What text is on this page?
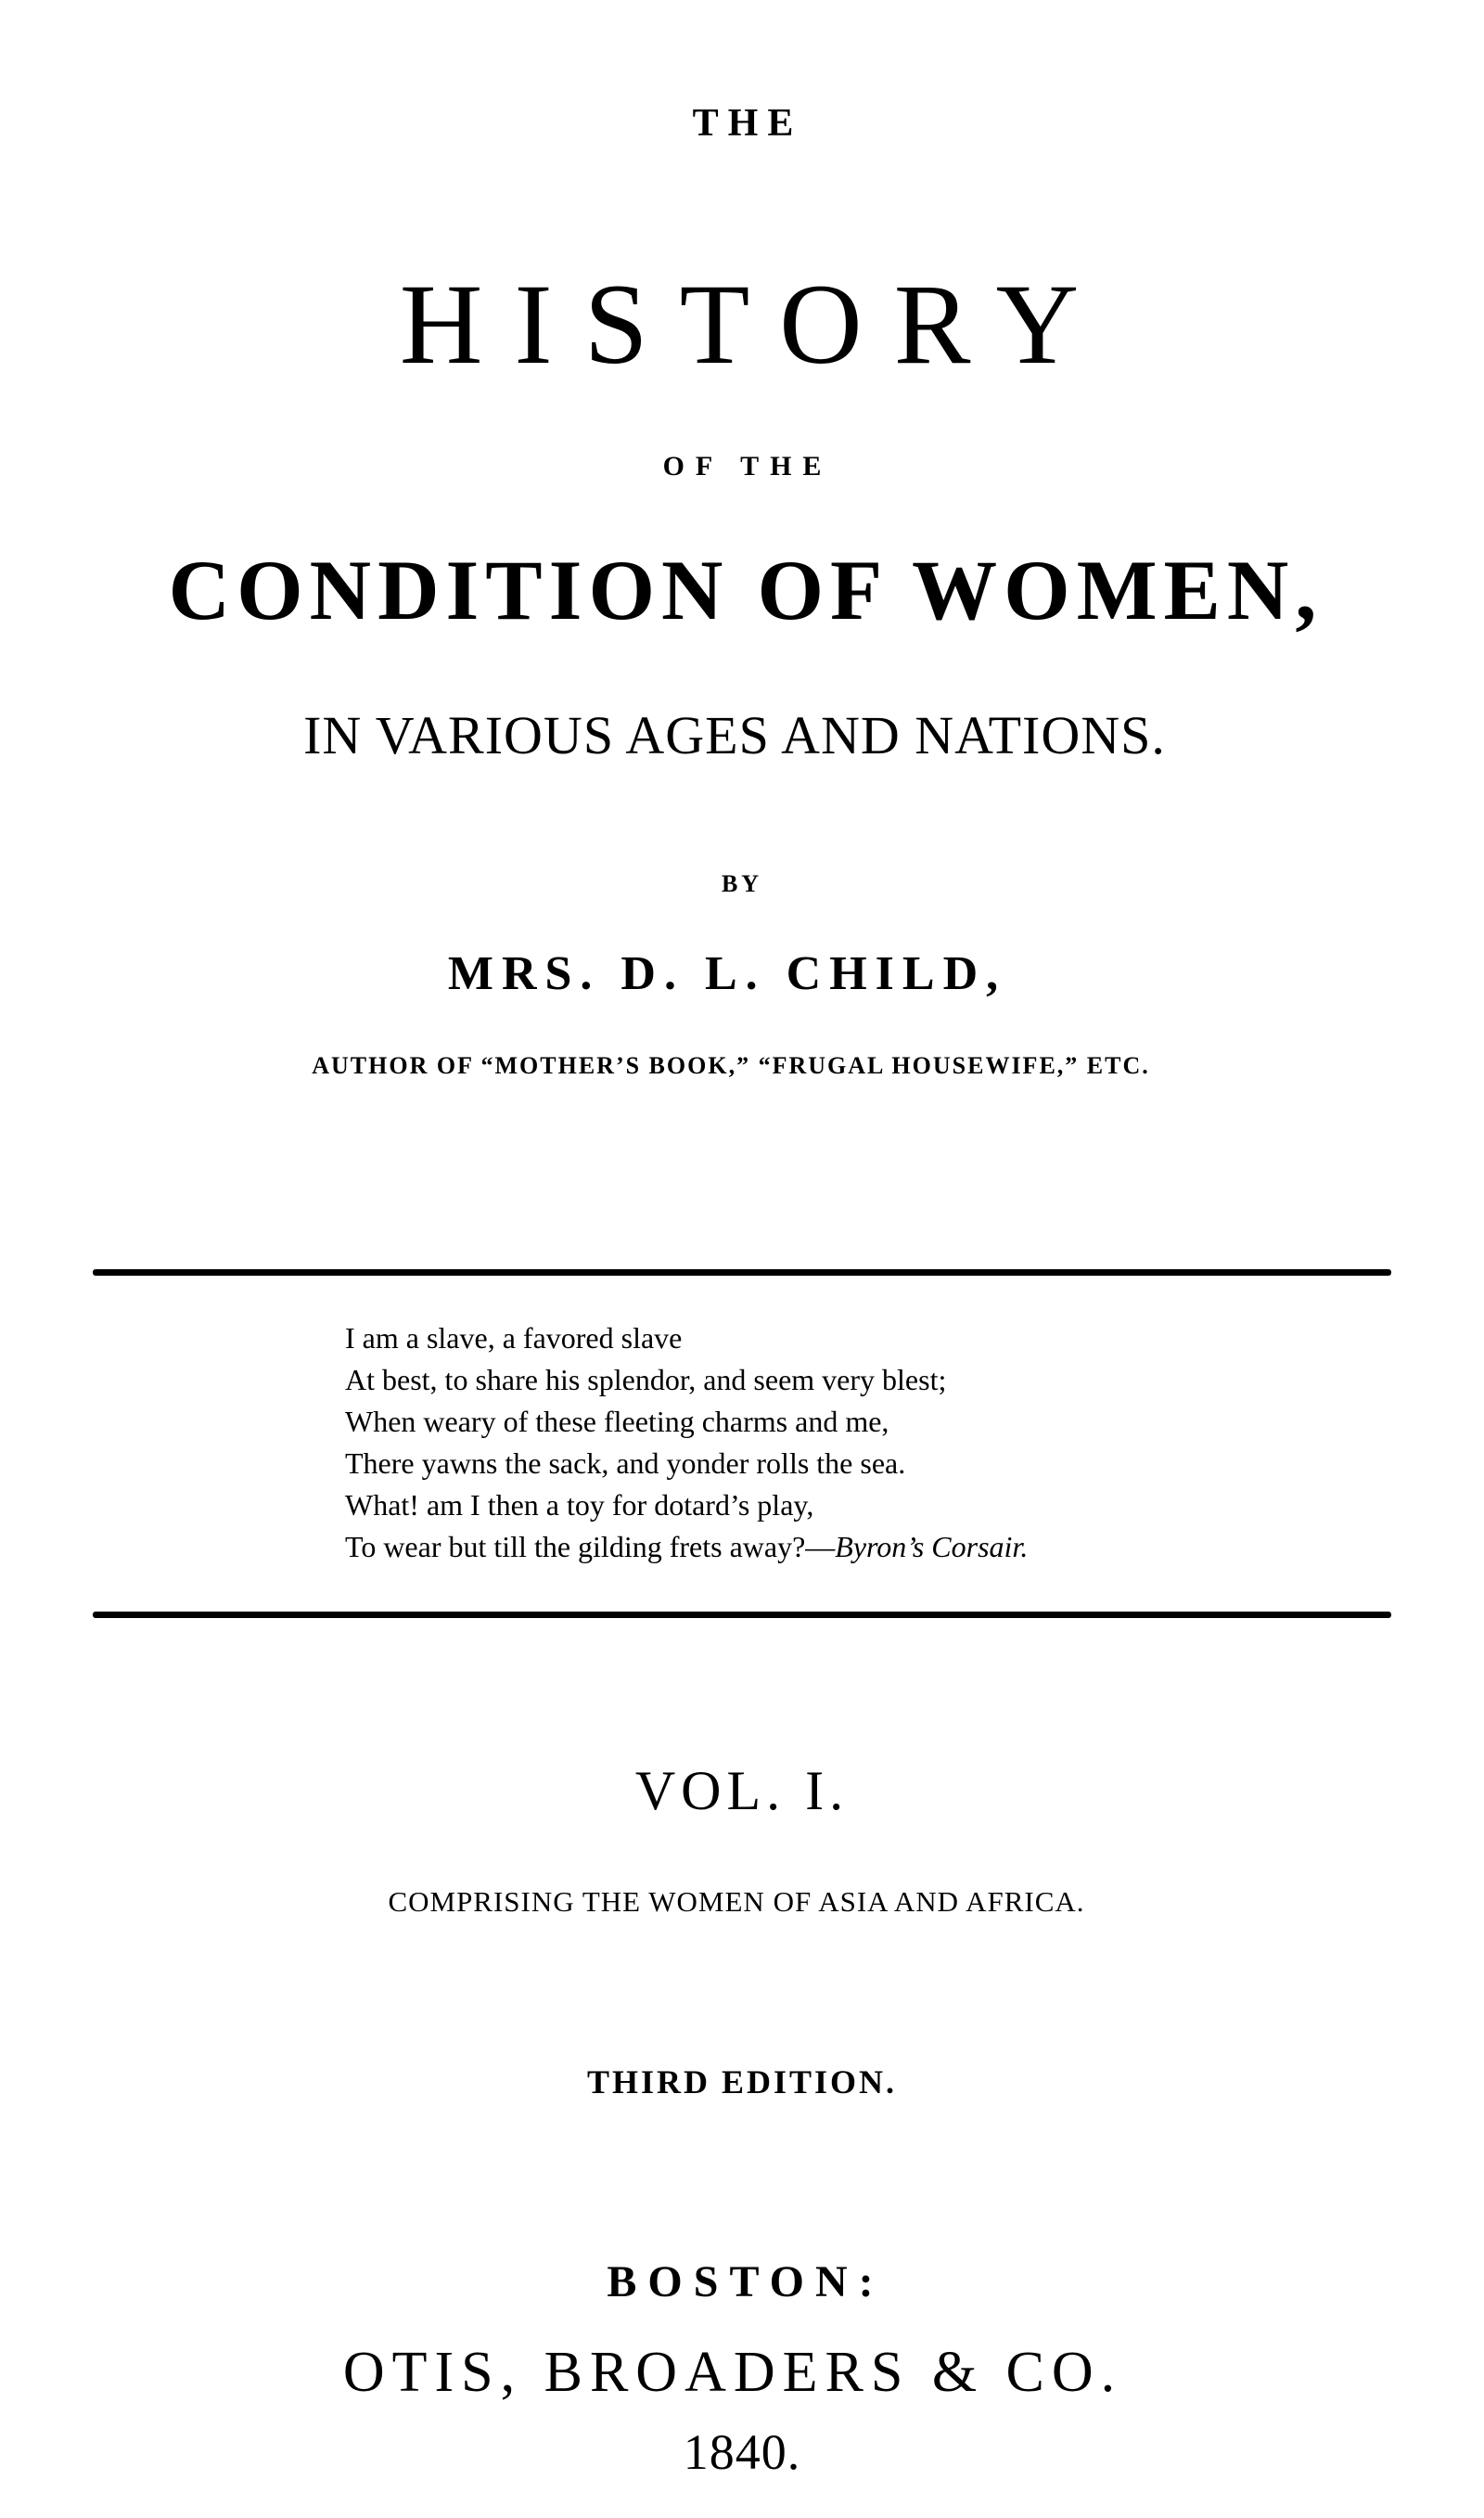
THE
HISTORY
OF THE
CONDITION OF WOMEN,
IN VARIOUS AGES AND NATIONS.
BY
MRS. D. L. CHILD,
AUTHOR OF “MOTHER’S BOOK,” “FRUGAL HOUSEWIFE,” ETC.
I am a slave, a favored slave
At best, to share his splendor, and seem very blest;
When weary of these fleeting charms and me,
There yawns the sack, and yonder rolls the sea.
What! am I then a toy for dotard’s play,
To wear but till the gilding frets away?—Byron’s Corsair.
VOL. I.
COMPRISING THE WOMEN OF ASIA AND AFRICA.
THIRD EDITION.
BOSTON:
OTIS, BROADERS & CO.
1840.
